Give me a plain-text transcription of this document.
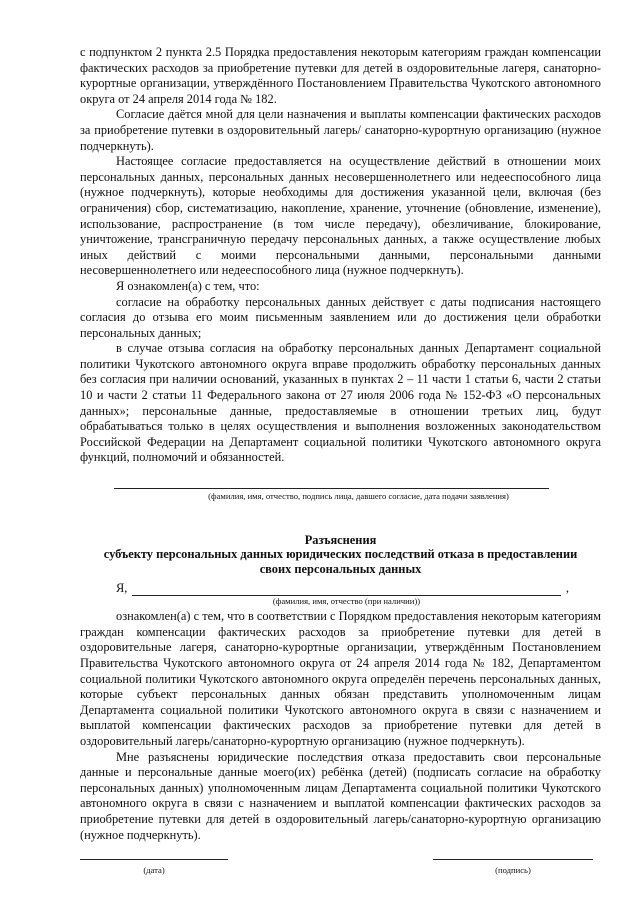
с подпунктом 2 пункта 2.5 Порядка предоставления некоторым категориям граждан компенсации фактических расходов за приобретение путевки для детей в оздоровительные лагеря, санаторно-курортные организации, утверждённого Постановлением Правительства Чукотского автономного округа от 24 апреля 2014 года № 182.

Согласие даётся мной для цели назначения и выплаты компенсации фактических расходов за приобретение путевки в оздоровительный лагерь/ санаторно-курортную организацию (нужное подчеркнуть).

Настоящее согласие предоставляется на осуществление действий в отношении моих персональных данных, персональных данных несовершеннолетнего или недееспособного лица (нужное подчеркнуть), которые необходимы для достижения указанной цели, включая (без ограничения) сбор, систематизацию, накопление, хранение, уточнение (обновление, изменение), использование, распространение (в том числе передачу), обезличивание, блокирование, уничтожение, трансграничную передачу персональных данных, а также осуществление любых иных действий с моими персональными данными, персональными данными несовершеннолетнего или недееспособного лица (нужное подчеркнуть).

Я ознакомлен(а) с тем, что:

согласие на обработку персональных данных действует с даты подписания настоящего согласия до отзыва его моим письменным заявлением или до достижения цели обработки персональных данных;

в случае отзыва согласия на обработку персональных данных Департамент социальной политики Чукотского автономного округа вправе продолжить обработку персональных данных без согласия при наличии оснований, указанных в пунктах 2 – 11 части 1 статьи 6, части 2 статьи 10 и части 2 статьи 11 Федерального закона от 27 июля 2006 года № 152-ФЗ «О персональных данных»; персональные данные, предоставляемые в отношении третьих лиц, будут обрабатываться только в целях осуществления и выполнения возложенных законодательством Российской Федерации на Департамент социальной политики Чукотского автономного округа функций, полномочий и обязанностей.

(фамилия, имя, отчество, подпись лица, давшего согласие, дата подачи заявления)

Разъяснения

субъекту персональных данных юридических последствий отказа в предоставлении

своих персональных данных

Я,	,
(фамилия, имя, отчество (при наличии))

ознакомлен(а) с тем, что в соответствии с Порядком предоставления некоторым категориям граждан компенсации фактических расходов за приобретение путевки для детей в оздоровительные лагеря, санаторно-курортные организации, утверждённым Постановлением Правительства Чукотского автономного округа от 24 апреля 2014 года № 182, Департаментом социальной политики Чукотского автономного округа определён перечень персональных данных, которые субъект персональных данных обязан представить уполномоченным лицам Департамента социальной политики Чукотского автономного округа в связи с назначением и выплатой компенсации фактических расходов за приобретение путевки для детей в оздоровительный лагерь/санаторно-курортную организацию (нужное подчеркнуть).

Мне разъяснены юридические последствия отказа предоставить свои персональные данные и персональные данные моего(их) ребёнка (детей) (подписать согласие на обработку персональных данных) уполномоченным лицам Департамента социальной политики Чукотского автономного округа в связи с назначением и выплатой компенсации фактических расходов за приобретение путевки для детей в оздоровительный лагерь/санаторно-курортную организацию (нужное подчеркнуть).

(дата)	(подпись)
